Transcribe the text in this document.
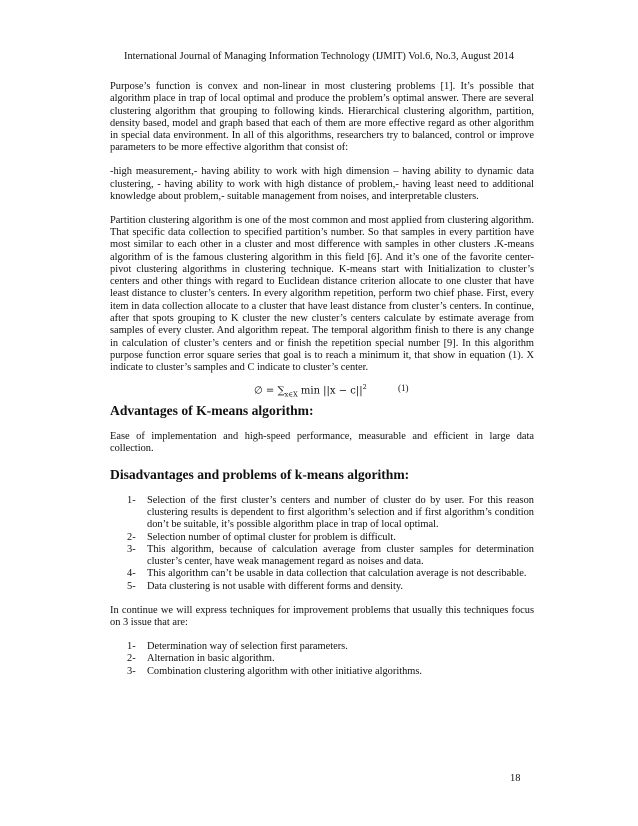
International Journal of Managing Information Technology (IJMIT) Vol.6, No.3, August 2014

Purpose’s function is convex and non-linear in most clustering problems [1]. It’s possible that algorithm place in trap of local optimal and produce the problem’s optimal answer. There are several clustering algorithm that grouping to following kinds. Hierarchical clustering algorithm, partition, density based, model and graph based that each of them are more effective regard as other algorithm in special data environment. In all of this algorithms, researchers try to balanced, control or improve parameters to be more effective algorithm that consist of:

-high measurement,- having ability to work with high dimension – having ability to dynamic data clustering, - having ability to work with high distance of problem,- having least need to additional knowledge about problem,- suitable management from noises, and interpretable clusters.

Partition clustering algorithm is one of the most common and most applied from clustering algorithm. That specific data collection to specified partition’s number. So that samples in every partition have most similar to each other in a cluster and most difference with samples in other clusters .K-means algorithm of is the famous clustering algorithm in this field [6]. And it’s one of the favorite center-pivot clustering algorithms in clustering technique. K-means start with Initialization to cluster’s centers and other things with regard to Euclidean distance criterion allocate to one cluster that have least distance to cluster’s centers. In every algorithm repetition, perform two chief phase. First, every item in data collection allocate to a cluster that have least distance from cluster’s centers. In continue, after that spots grouping to K cluster the new cluster’s centers calculate by estimate average from samples of every cluster. And algorithm repeat. The temporal algorithm finish to there is any change in calculation of cluster’s centers and or finish the repetition special number [9]. In this algorithm purpose function error square series that goal is to reach a minimum it, that show in equation (1). X indicate to cluster’s samples and C indicate to cluster’s center.

∅ = $\sum_{x\in X}$ $\min ||x - c||^2$	(1)
Advantages of K-means algorithm:

Ease of implementation and high-speed performance, measurable and efficient in large data collection.

Disadvantages and problems of k-means algorithm:
1- Selection of the first cluster’s centers and number of cluster do by user. For this reason clustering results is dependent to first algorithm’s selection and if first algorithm’s condition don’t be suitable, it’s possible algorithm place in trap of local optimal.
2- Selection number of optimal cluster for problem is difficult.
3- This algorithm, because of calculation average from cluster samples for determination cluster’s center, have weak management regard as noises and data.
4- This algorithm can’t be usable in data collection that calculation average is not describable.
5- Data clustering is not usable with different forms and density.

In continue we will express techniques for improvement problems that usually this techniques focus on 3 issue that are:

1- Determination way of selection first parameters.
2- Alternation in basic algorithm.
3- Combination clustering algorithm with other initiative algorithms.
18
